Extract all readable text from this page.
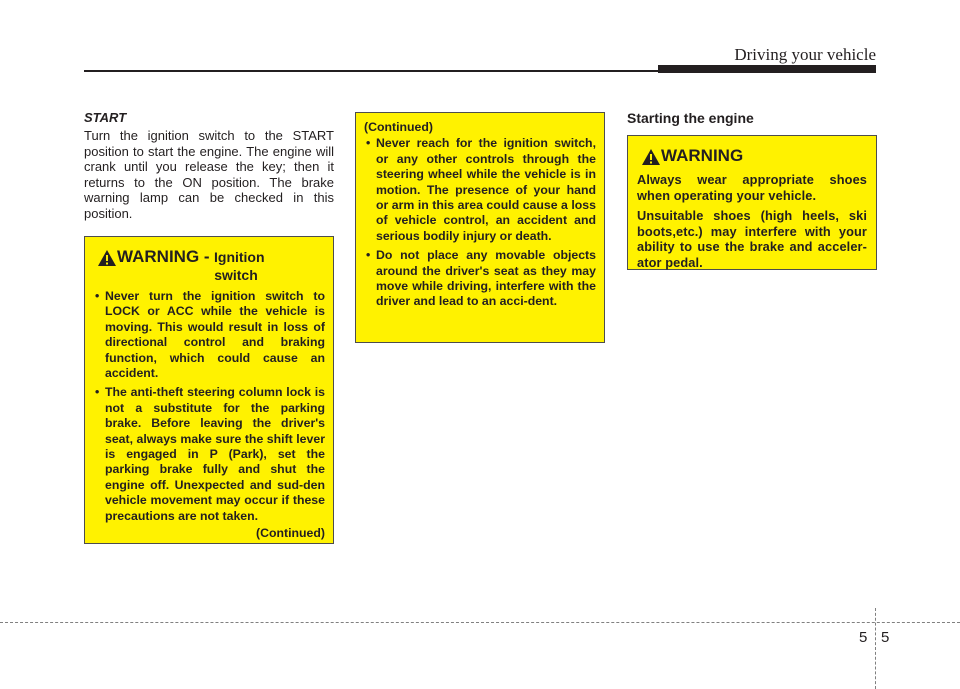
Driving your vehicle

START

Turn the ignition switch to the START position to start the engine. The engine will crank until you release the key; then it returns to the ON position. The brake warning lamp can be checked in this position.

WARNING - Ignition
switch
• Never turn the ignition switch to LOCK or ACC while the vehicle is moving. This would result in loss of directional control and braking function, which could cause an accident.
• The anti-theft steering column lock is not a substitute for the parking brake. Before leaving the driver's seat, always make sure the shift lever is engaged in P (Park), set the parking brake fully and shut the engine off. Unexpected and sud-den vehicle movement may occur if these precautions are not taken.
(Continued)
(Continued)
• Never reach for the ignition switch, or any other controls through the steering wheel while the vehicle is in motion. The presence of your hand or arm in this area could cause a loss of vehicle control, an accident and serious bodily injury or death.
• Do not place any movable objects around the driver's seat as they may move while driving, interfere with the driver and lead to an acci-dent.
Starting the engine
WARNING

Always wear appropriate shoes when operating your vehicle.

Unsuitable shoes (high heels, ski boots,etc.) may interfere with your ability to use the brake and acceler-ator pedal.

5 5
